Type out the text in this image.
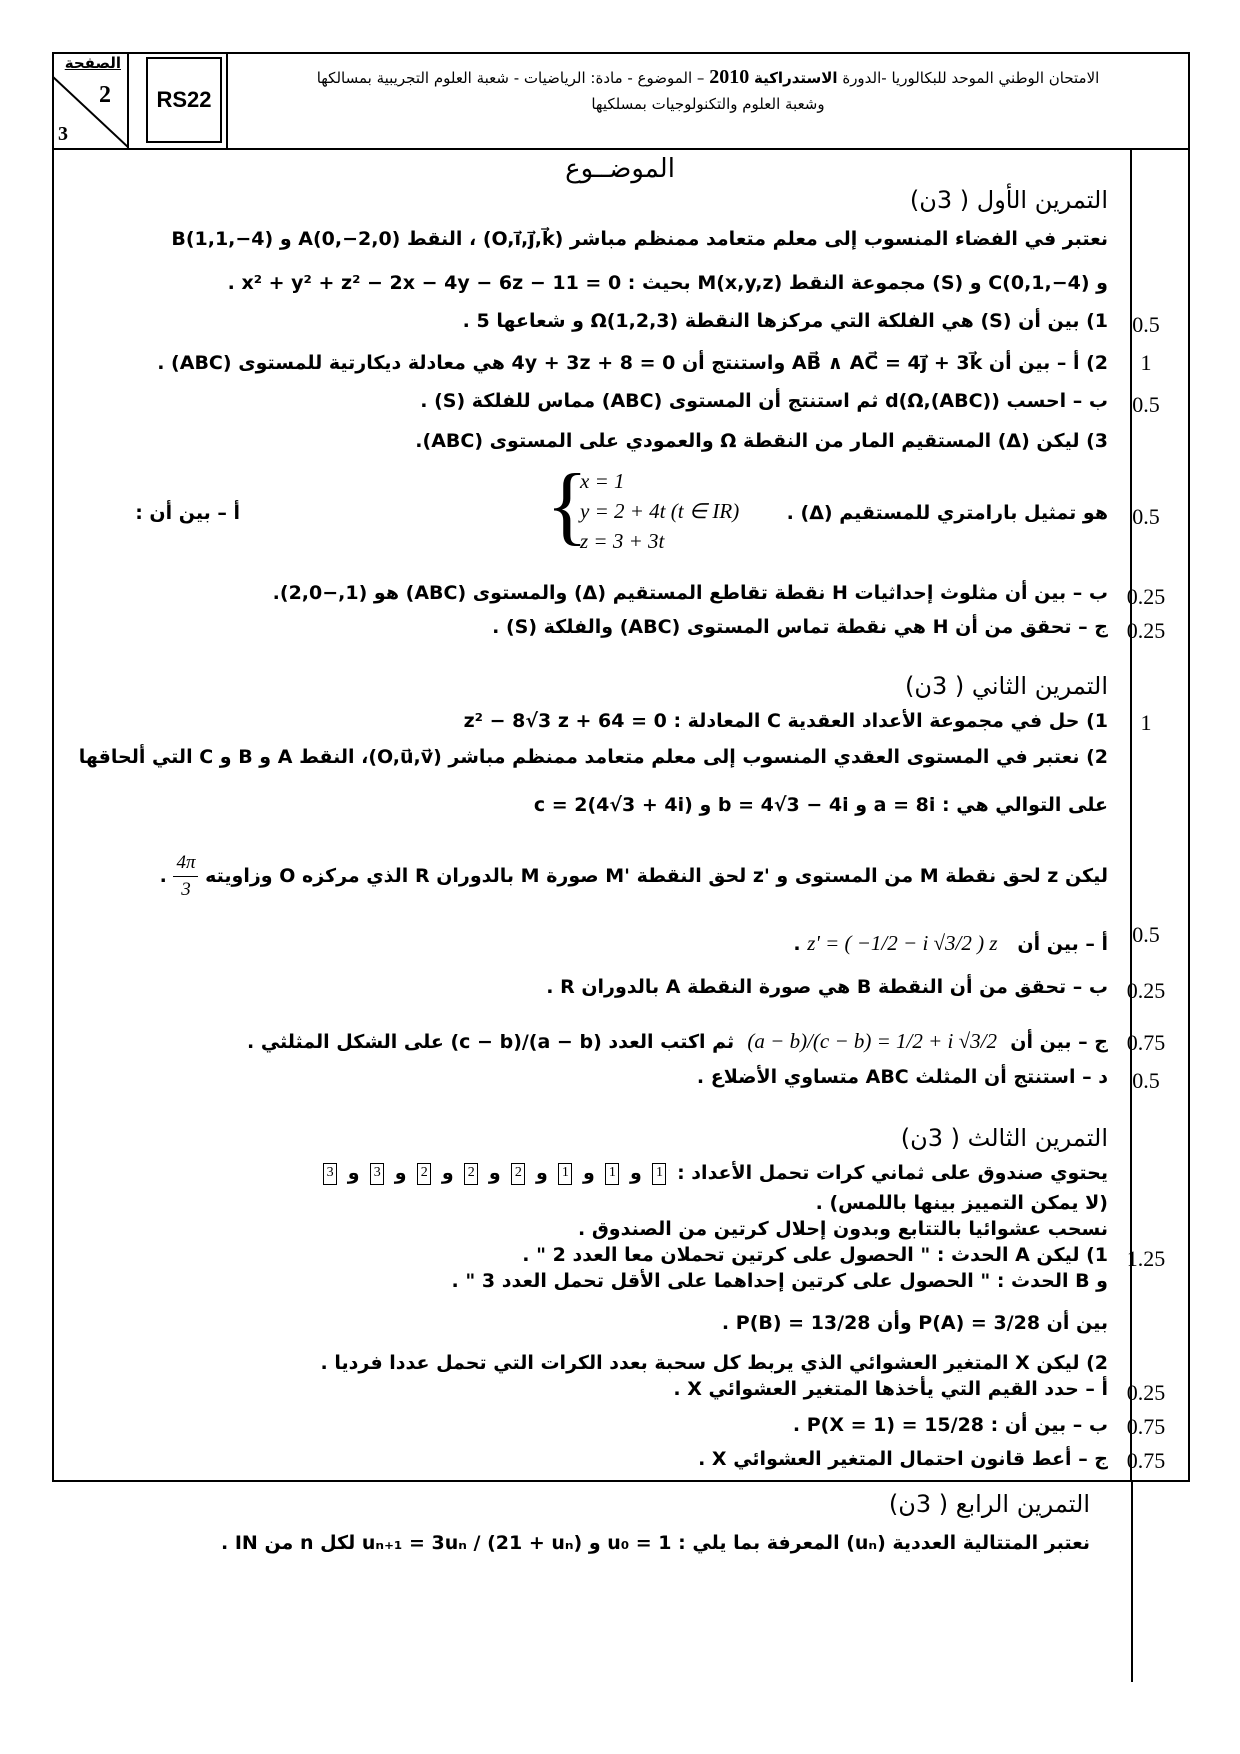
الصفحة
2
3
RS22
الامتحان الوطني الموحد للبكالوريا -الدورة الاستدراكية 2010 – الموضوع - مادة: الرياضيات - شعبة العلوم التجريبية بمسالكها
وشعبة العلوم والتكنولوجيات بمسلكيها
الموضــوع
التمرين الأول ( 3ن)
نعتبر في الفضاء المنسوب إلى معلم متعامد ممنظم مباشر (O,i⃗,j⃗,k⃗) ، النقط A(0,−2,0) و B(1,1,−4)
و C(0,1,−4) و (S) مجموعة النقط M(x,y,z) بحيث : x² + y² + z² − 2x − 4y − 6z − 11 = 0 .
1) بين أن (S) هي الفلكة التي مركزها النقطة Ω(1,2,3) و شعاعها 5 .	0.5
2) أ – بين أن AB⃗ ∧ AC⃗ = 4j⃗ + 3k⃗ واستنتج أن 4y + 3z + 8 = 0 هي معادلة ديكارتية للمستوى (ABC) .	1
ب – احسب d(Ω,(ABC)) ثم استنتج أن المستوى (ABC) مماس للفلكة (S) .	0.5
3) ليكن (Δ) المستقيم المار من النقطة Ω والعمودي على المستوى (ABC).
هو تمثيل بارامتري للمستقيم (Δ) .
{
x = 1
y = 2 + 4t (t ∈ IR)
z = 3 + 3t
أ – بين أن :	0.5
ب – بين أن مثلوث إحداثيات H نقطة تقاطع المستقيم (Δ) والمستوى (ABC) هو (1,−2,0). 0.25
ج – تحقق من أن H هي نقطة تماس المستوى (ABC) والفلكة (S) . 0.25
التمرين الثاني ( 3ن)
1) حل في مجموعة الأعداد العقدية C المعادلة : z² − 8√3 z + 64 = 0	1
2) نعتبر في المستوى العقدي المنسوب إلى معلم متعامد ممنظم مباشر (O,u⃗,v⃗)، النقط A و B و C التي ألحاقها
على التوالي هي : a = 8i و b = 4√3 − 4i و c = 2(4√3 + 4i)
ليكن z لحق نقطة M من المستوى و 'z لحق النقطة 'M صورة M بالدوران R الذي مركزه O وزاويته
$\frac{4\pi}{3}$
.
أ – بين أن   z' = ( −1/2 − i √3/2 ) z .	0.5
ب – تحقق من أن النقطة B هي صورة النقطة A بالدوران R . 0.25
ج – بين أن  (a − b)/(c − b) = 1/2 + i √3/2  ثم اكتب العدد (a − b)/(c − b) على الشكل المثلثي .	0.75
د – استنتج أن المثلث ABC متساوي الأضلاع .	0.5
التمرين الثالث ( 3ن)
يحتوي صندوق على ثماني كرات تحمل الأعداد : 1 و 1 و 1 و 2 و 2 و 2 و 3 و 3
(لا يمكن التمييز بينها باللمس) .
نسحب عشوائيا بالتتابع وبدون إحلال كرتين من الصندوق .
1) ليكن A الحدث : " الحصول على كرتين تحملان معا العدد 2 " . 1.25
و B الحدث : " الحصول على كرتين إحداهما على الأقل تحمل العدد 3 " .
بين أن P(A) = 3/28 وأن P(B) = 13/28 .
2) ليكن X المتغير العشوائي الذي يربط كل سحبة بعدد الكرات التي تحمل عددا فرديا .
أ – حدد القيم التي يأخذها المتغير العشوائي X . 0.25
ب – بين أن : P(X = 1) = 15/28 . 0.75
ج – أعط قانون احتمال المتغير العشوائي X . 0.75
التمرين الرابع ( 3ن)
نعتبر المتتالية العددية (uₙ) المعرفة بما يلي : u₀ = 1 و uₙ₊₁ = 3uₙ / (21 + uₙ) لكل n من IN .
